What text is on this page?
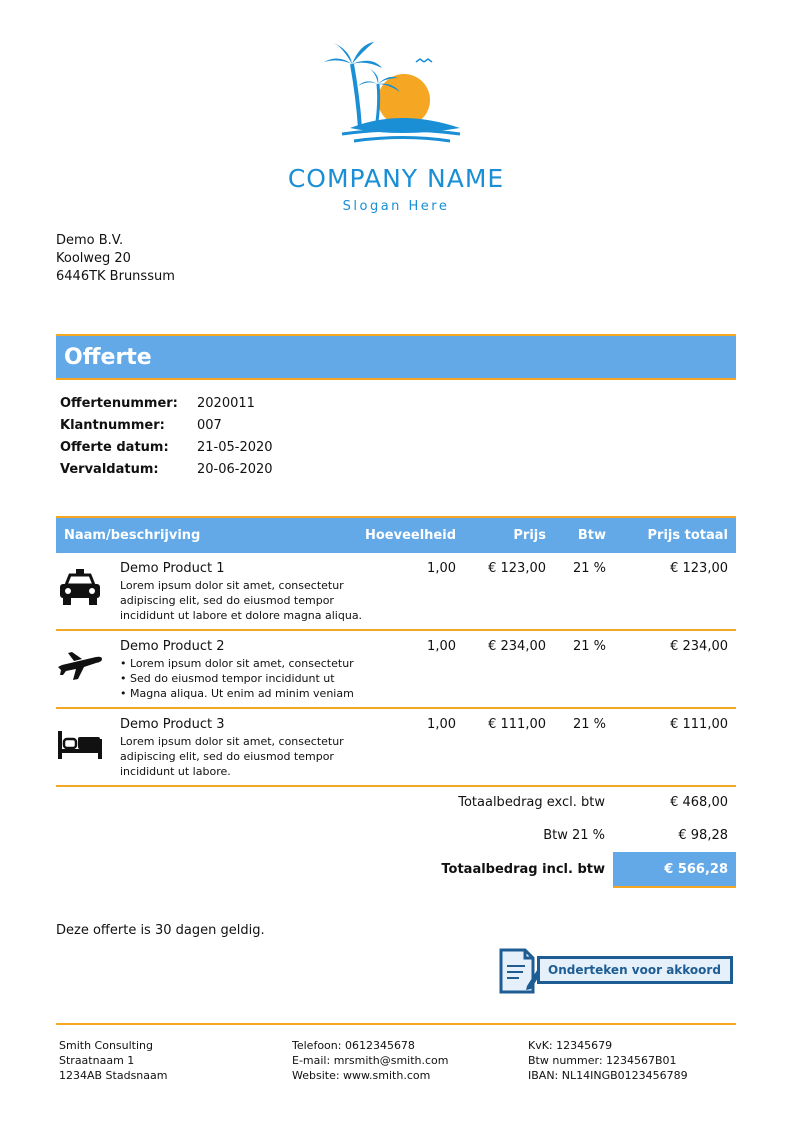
COMPANY NAME
Slogan Here
Demo B.V.
Koolweg 20
6446TK Brunssum
Offerte
Offertenummer:	2020011
Klantnummer:	007
Offerte datum:	21-05-2020
Vervaldatum:	20-06-2020
Naam/beschrijving	Hoeveelheid	Prijs Btw	Prijs totaal
Demo Product 1
Lorem ipsum dolor sit amet, consectetur
adipiscing elit, sed do eiusmod tempor
incididunt ut labore et dolore magna aliqua.
1,00 € 123,00 21 %	€ 123,00
Demo Product 2
• Lorem ipsum dolor sit amet, consectetur
• Sed do eiusmod tempor incididunt ut
• Magna aliqua. Ut enim ad minim veniam
1,00 € 234,00 21 %	€ 234,00
Demo Product 3
Lorem ipsum dolor sit amet, consectetur
adipiscing elit, sed do eiusmod tempor
incididunt ut labore.
1,00 € 111,00 21 %	€ 111,00
Totaalbedrag excl. btw	€ 468,00
Btw 21 %	€ 98,28
Totaalbedrag incl. btw	€ 566,28
Deze offerte is 30 dagen geldig.
Onderteken voor akkoord
Smith Consulting
Straatnaam 1
1234AB Stadsnaam
Telefoon: 0612345678
E-mail: mrsmith@smith.com
Website: www.smith.com
KvK: 12345679
Btw nummer: 1234567B01
IBAN: NL14INGB0123456789
